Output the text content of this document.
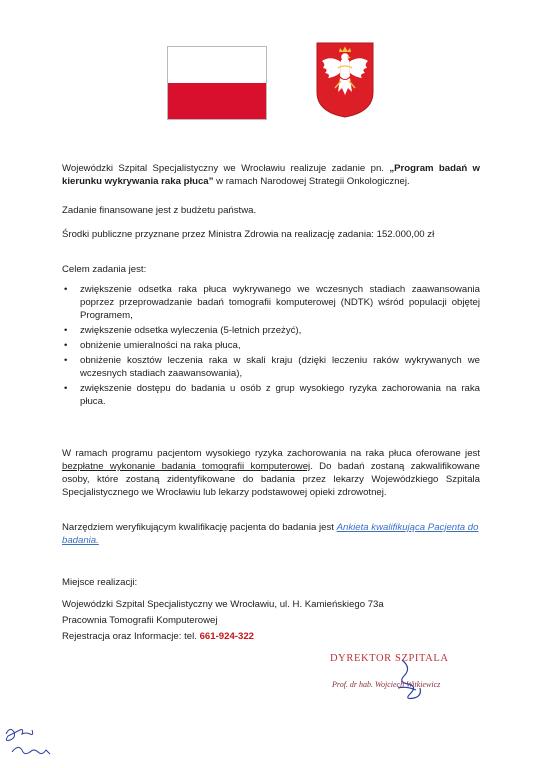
Wojewódzki Szpital Specjalistyczny we Wrocławiu realizuje zadanie pn. „Program badań w kierunku wykrywania raka płuca” w ramach Narodowej Strategii Onkologicznej.
Zadanie finansowane jest z budżetu państwa.
Środki publiczne przyznane przez Ministra Zdrowia na realizację zadania: 152.000,00 zł
Celem zadania jest:
• zwiększenie odsetka raka płuca wykrywanego we wczesnych stadiach zaawansowania poprzez przeprowadzanie badań tomografii komputerowej (NDTK) wśród populacji objętej Programem,
• zwiększenie odsetka wyleczenia (5-letnich przeżyć),
• obniżenie umieralności na raka płuca,
• obniżenie kosztów leczenia raka w skali kraju (dzięki leczeniu raków wykrywanych we wczesnych stadiach zaawansowania),
• zwiększenie dostępu do badania u osób z grup wysokiego ryzyka zachorowania na raka płuca.
W ramach programu pacjentom wysokiego ryzyka zachorowania na raka płuca oferowane jest bezpłatne wykonanie badania tomografii komputerowej. Do badań zostaną zakwalifikowane osoby, które zostaną zidentyfikowane do badania przez lekarzy Wojewódzkiego Szpitala Specjalistycznego we Wrocławiu lub lekarzy podstawowej opieki zdrowotnej.
Narzędziem weryfikującym kwalifikację pacjenta do badania jest Ankieta kwalifikująca Pacjenta do badania.
Miejsce realizacji:
Wojewódzki Szpital Specjalistyczny we Wrocławiu, ul. H. Kamieńskiego 73a
Pracownia Tomografii Komputerowej
Rejestracja oraz Informacje: tel. 661-924-322
DYREKTOR SZPITALA
Prof. dr hab. Wojciech Witkiewicz
